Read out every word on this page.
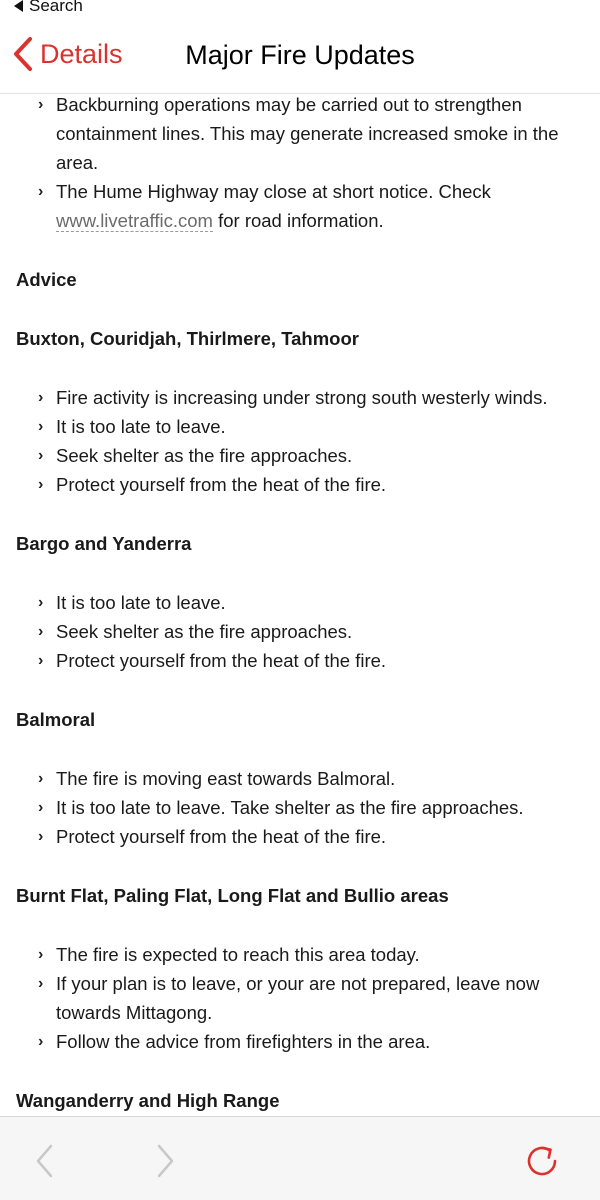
Search
Details	Major Fire Updates
› Backburning operations may be carried out to strengthen containment lines. This may generate increased smoke in the area.
› The Hume Highway may close at short notice. Check www.livetraffic.com for road information.
Advice
Buxton, Couridjah, Thirlmere, Tahmoor
› Fire activity is increasing under strong south westerly winds.
› It is too late to leave.
› Seek shelter as the fire approaches.
› Protect yourself from the heat of the fire.
Bargo and Yanderra
› It is too late to leave.
› Seek shelter as the fire approaches.
› Protect yourself from the heat of the fire.
Balmoral
› The fire is moving east towards Balmoral.
› It is too late to leave. Take shelter as the fire approaches.
› Protect yourself from the heat of the fire.
Burnt Flat, Paling Flat, Long Flat and Bullio areas
› The fire is expected to reach this area today.
› If your plan is to leave, or your are not prepared, leave now towards Mittagong.
› Follow the advice from firefighters in the area.
Wanganderry and High Range
